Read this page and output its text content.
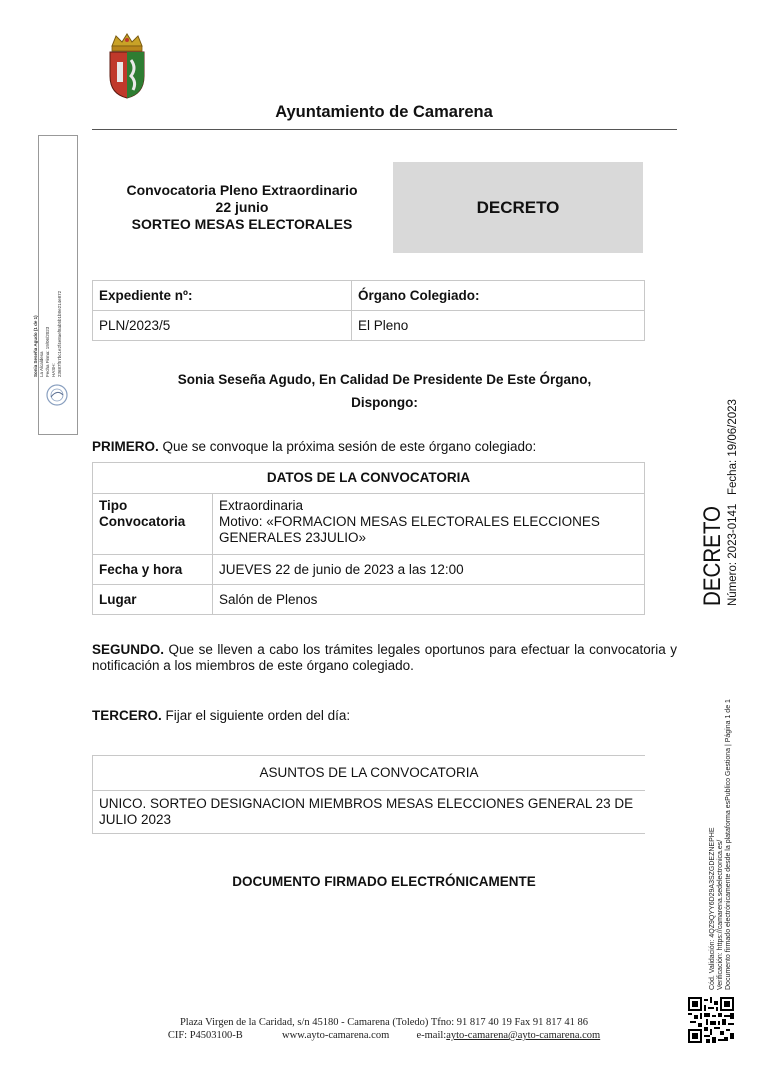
Ayuntamiento de Camarena
Convocatoria Pleno Extraordinario
22 junio
SORTEO MESAS ELECTORALES
DECRETO
Expediente nº:	Órgano Colegiado:
PLN/2023/5	El Pleno
Sonia Seseña Agudo, En Calidad De Presidente De Este Órgano,
Dispongo:
PRIMERO. Que se convoque la próxima sesión de este órgano colegiado:
DATOS DE LA CONVOCATORIA	
Tipo Convocatoria	Extraordinaria
Motivo: «FORMACION MESAS ELECTORALES ELECCIONES GENERALES 23JULIO»

Fecha y hora	JUEVES 22 de junio de 2023 a las 12:00
Lugar	Salón de Plenos
SEGUNDO. Que se lleven a cabo los trámites legales oportunos para efectuar la convocatoria y notificación a los miembros de este órgano colegiado.
TERCERO. Fijar el siguiente orden del día:
ASUNTOS DE LA CONVOCATORIA
UNICO. SORTEO DESIGNACION MIEMBROS MESAS ELECCIONES GENERAL 23 DE JULIO 2023
DOCUMENTO FIRMADO ELECTRÓNICAMENTE
Plaza Virgen de la Caridad, s/n 45180 - Camarena (Toledo) Tfno: 91 817 40 19 Fax 91 817 41 86
CIF: P4503100-B	www.ayto-camarena.com	e-mail:ayto-camarena@ayto-camarena.com
Sonia Seseña Agudo (1 de 1) La Alcaldesa Fecha Firma: 19/06/2023 HASH: 23687f57bc1e2f4e8aef8ab5b1b8e214e872
DECRETO Número: 2023-0141
Fecha: 19/06/2023
Cód. Validación: 4QZ9QYY6D29A3SZGDEZNEPHE Verificación: https://camarena.sedelectronica.es/ Documento firmado electrónicamente desde la plataforma esPublico Gestiona | Página 1 de 1
